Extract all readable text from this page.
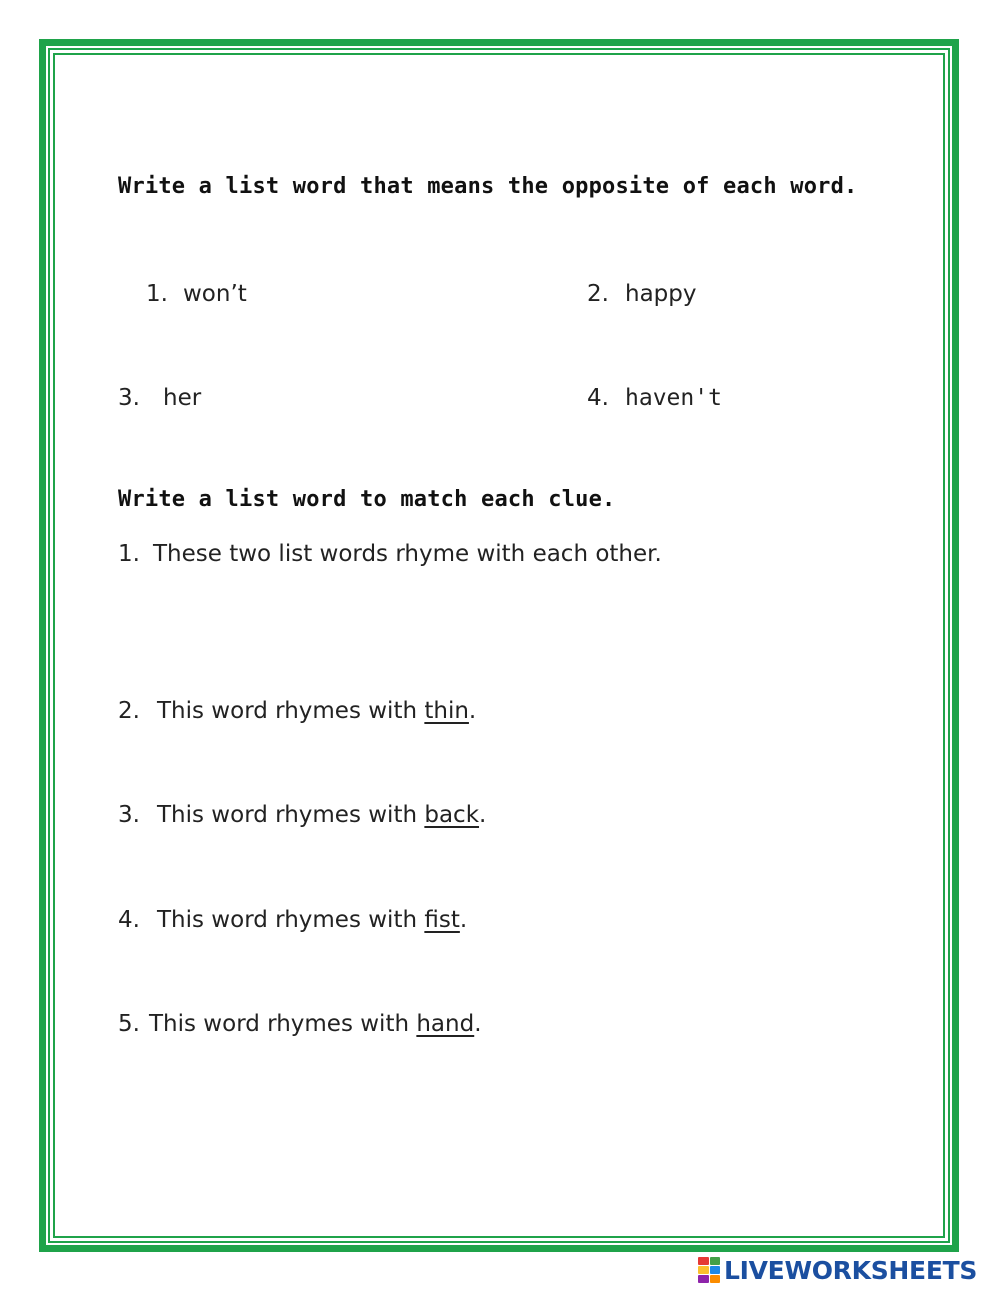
Write a list word that means the opposite of each word.
1. won’t	2. happy
3. her	4. haven't
Write a list word to match each clue.
1. These two list words rhyme with each other.
2. This word rhymes with thin.
3. This word rhymes with back.
4. This word rhymes with fist.
5. This word rhymes with hand.
LIVEWORKSHEETS
